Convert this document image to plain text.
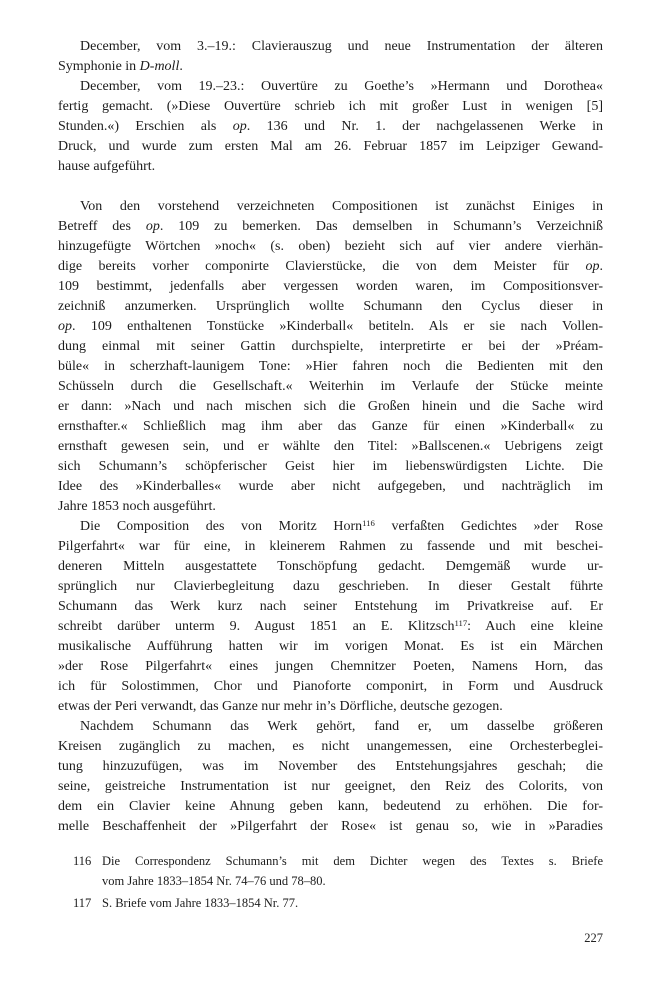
December, vom 3.–19.: Clavierauszug und neue Instrumentation der älteren
Symphonie in D-moll.
December, vom 19.–23.: Ouvertüre zu Goethe’s »Hermann und Dorothea«
fertig gemacht. (»Diese Ouvertüre schrieb ich mit großer Lust in wenigen [5]
Stunden.«) Erschien als op. 136 und Nr. 1. der nachgelassenen Werke in
Druck, und wurde zum ersten Mal am 26. Februar 1857 im Leipziger Gewand-
hause aufgeführt.
Von den vorstehend verzeichneten Compositionen ist zunächst Einiges in
Betreff des op. 109 zu bemerken. Das demselben in Schumann’s Verzeichniß
hinzugefügte Wörtchen »noch« (s. oben) bezieht sich auf vier andere vierhän-
dige bereits vorher componirte Clavierstücke, die von dem Meister für op.
109 bestimmt, jedenfalls aber vergessen worden waren, im Compositionsver-
zeichniß anzumerken. Ursprünglich wollte Schumann den Cyclus dieser in
op. 109 enthaltenen Tonstücke »Kinderball« betiteln. Als er sie nach Vollen-
dung einmal mit seiner Gattin durchspielte, interpretirte er bei der »Préam-
büle« in scherzhaft-launigem Tone: »Hier fahren noch die Bedienten mit den
Schüsseln durch die Gesellschaft.« Weiterhin im Verlaufe der Stücke meinte
er dann: »Nach und nach mischen sich die Großen hinein und die Sache wird
ernsthafter.« Schließlich mag ihm aber das Ganze für einen »Kinderball« zu
ernsthaft gewesen sein, und er wählte den Titel: »Ballscenen.« Uebrigens zeigt
sich Schumann’s schöpferischer Geist hier im liebenswürdigsten Lichte. Die
Idee des »Kinderballes« wurde aber nicht aufgegeben, und nachträglich im
Jahre 1853 noch ausgeführt.
Die Composition des von Moritz Horn$^{116}$ verfaßten Gedichtes »der Rose
Pilgerfahrt« war für eine, in kleinerem Rahmen zu fassende und mit beschei-
deneren Mitteln ausgestattete Tonschöpfung gedacht. Demgemäß wurde ur-
sprünglich nur Clavierbegleitung dazu geschrieben. In dieser Gestalt führte
Schumann das Werk kurz nach seiner Entstehung im Privatkreise auf. Er
schreibt darüber unterm 9. August 1851 an E. Klitzsch$^{117}$: Auch eine kleine
musikalische Aufführung hatten wir im vorigen Monat. Es ist ein Märchen
»der Rose Pilgerfahrt« eines jungen Chemnitzer Poeten, Namens Horn, das
ich für Solostimmen, Chor und Pianoforte componirt, in Form und Ausdruck
etwas der Peri verwandt, das Ganze nur mehr in’s Dörfliche, deutsche gezogen.
Nachdem Schumann das Werk gehört, fand er, um dasselbe größeren
Kreisen zugänglich zu machen, es nicht unangemessen, eine Orchesterbeglei-
tung hinzuzufügen, was im November des Entstehungsjahres geschah; die
seine, geistreiche Instrumentation ist nur geeignet, den Reiz des Colorits, von
dem ein Clavier keine Ahnung geben kann, bedeutend zu erhöhen. Die for-
melle Beschaffenheit der »Pilgerfahrt der Rose« ist genau so, wie in »Paradies
116 Die Correspondenz Schumann’s mit dem Dichter wegen des Textes s. Briefe
vom Jahre 1833–1854 Nr. 74–76 und 78–80.
117 S. Briefe vom Jahre 1833–1854 Nr. 77.
227
